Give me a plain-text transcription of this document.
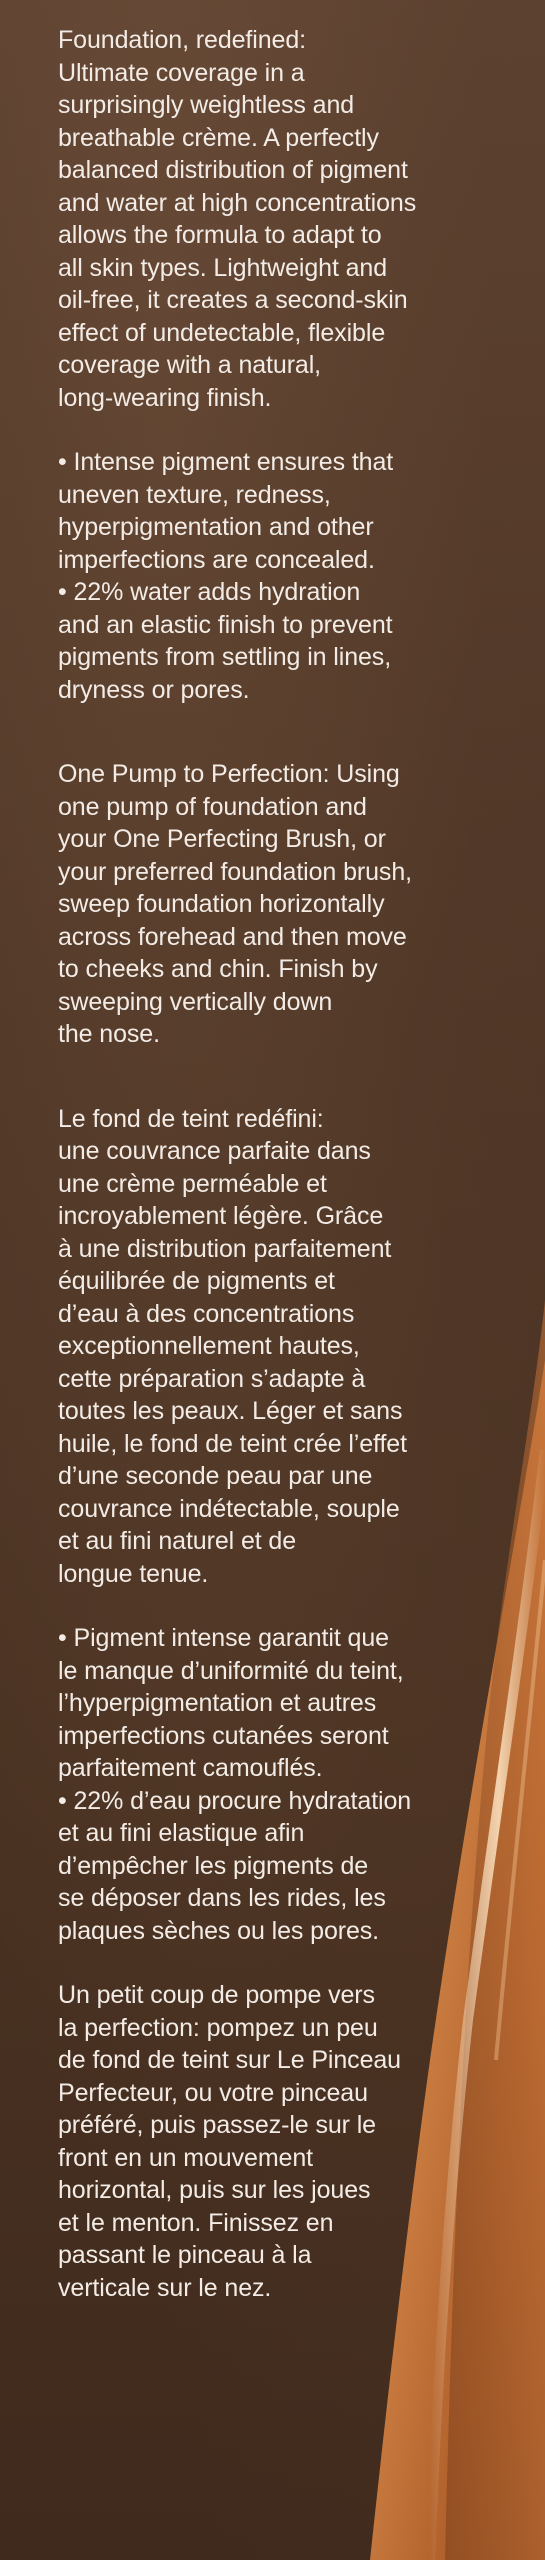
Foundation, redefined:
Ultimate coverage in a
surprisingly weightless and
breathable crème. A perfectly
balanced distribution of pigment
and water at high concentrations
allows the formula to adapt to
all skin types. Lightweight and
oil-free, it creates a second-skin
effect of undetectable, flexible
coverage with a natural,
long-wearing finish.

• Intense pigment ensures that
uneven texture, redness,
hyperpigmentation and other
imperfections are concealed.
• 22% water adds hydration
and an elastic finish to prevent
pigments from settling in lines,
dryness or pores.

One Pump to Perfection: Using
one pump of foundation and
your One Perfecting Brush, or
your preferred foundation brush,
sweep foundation horizontally
across forehead and then move
to cheeks and chin. Finish by
sweeping vertically down
the nose.

Le fond de teint redéfini:
une couvrance parfaite dans
une crème perméable et
incroyablement légère. Grâce
à une distribution parfaitement
équilibrée de pigments et
d’eau à des concentrations
exceptionnellement hautes,
cette préparation s’adapte à
toutes les peaux. Léger et sans
huile, le fond de teint crée l’effet
d’une seconde peau par une
couvrance indétectable, souple
et au fini naturel et de
longue tenue.

• Pigment intense garantit que
le manque d’uniformité du teint,
l’hyperpigmentation et autres
imperfections cutanées seront
parfaitement camouflés.
• 22% d’eau procure hydratation
et au fini elastique afin
d’empêcher les pigments de
se déposer dans les rides, les
plaques sèches ou les pores.

Un petit coup de pompe vers
la perfection: pompez un peu
de fond de teint sur Le Pinceau
Perfecteur, ou votre pinceau
préféré, puis passez-le sur le
front en un mouvement
horizontal, puis sur les joues
et le menton. Finissez en
passant le pinceau à la
verticale sur le nez.
